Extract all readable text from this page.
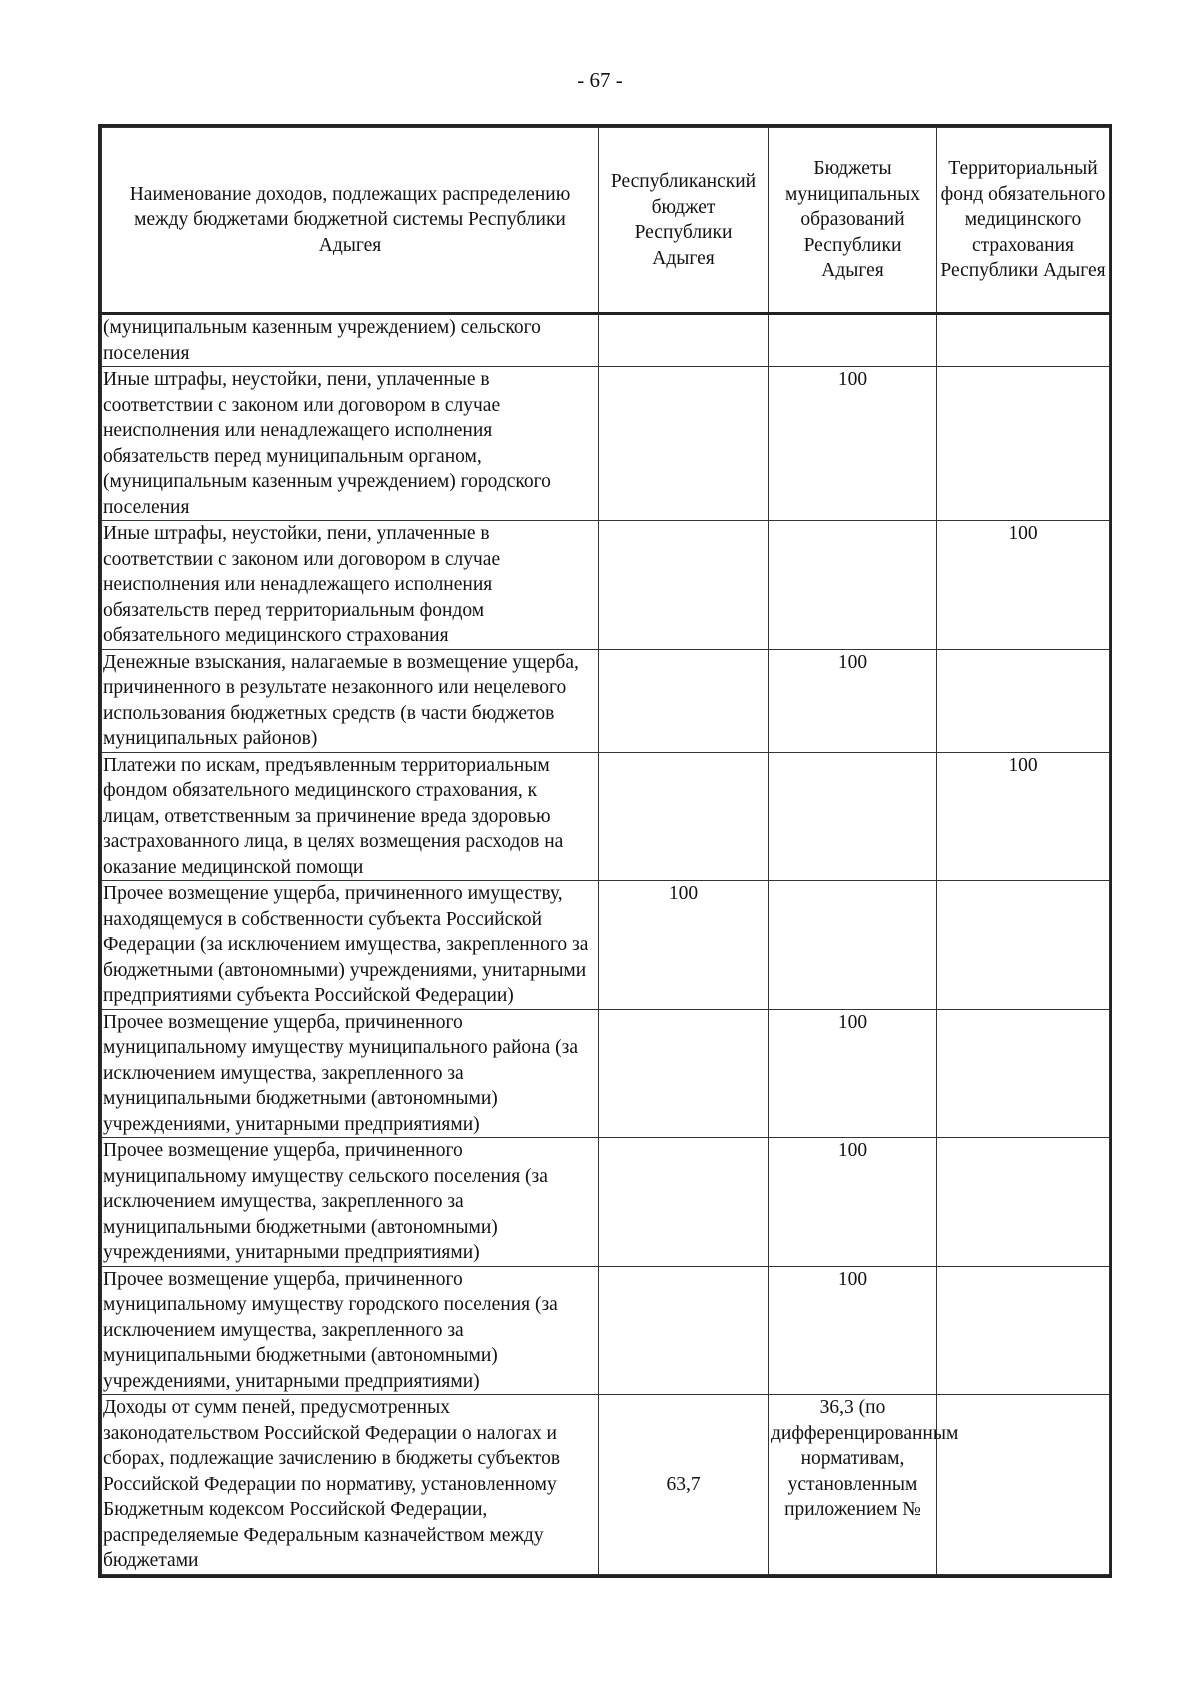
- 67 -
Наименование доходов, подлежащих распределению между бюджетами бюджетной системы Республики Адыгея	Республиканский бюджет Республики Адыгея	Бюджеты муниципальных образований Республики Адыгея	Территориальный фонд обязательного медицинского страхования Республики Адыгея
(муниципальным казенным учреждением) сельского поселения			
Иные штрафы, неустойки, пени, уплаченные в соответствии с законом или договором в случае неисполнения или ненадлежащего исполнения обязательств перед муниципальным органом, (муниципальным казенным учреждением) городского поселения		100	
Иные штрафы, неустойки, пени, уплаченные в соответствии с законом или договором в случае неисполнения или ненадлежащего исполнения обязательств перед территориальным фондом обязательного медицинского страхования			100
Денежные взыскания, налагаемые в возмещение ущерба, причиненного в результате незаконного или нецелевого использования бюджетных средств (в части бюджетов муниципальных районов)		100	
Платежи по искам, предъявленным территориальным фондом обязательного медицинского страхования, к лицам, ответственным за причинение вреда здоровью застрахованного лица, в целях возмещения расходов на оказание медицинской помощи			100
Прочее возмещение ущерба, причиненного имуществу, находящемуся в собственности субъекта Российской Федерации (за исключением имущества, закрепленного за бюджетными (автономными) учреждениями, унитарными предприятиями субъекта Российской Федерации)	100		
Прочее возмещение ущерба, причиненного муниципальному имуществу муниципального района (за исключением имущества, закрепленного за муниципальными бюджетными (автономными) учреждениями, унитарными предприятиями)		100	
Прочее возмещение ущерба, причиненного муниципальному имуществу сельского поселения (за исключением имущества, закрепленного за муниципальными бюджетными (автономными) учреждениями, унитарными предприятиями)		100	
Прочее возмещение ущерба, причиненного муниципальному имуществу городского поселения (за исключением имущества, закрепленного за муниципальными бюджетными (автономными) учреждениями, унитарными предприятиями)		100	
Доходы от сумм пеней, предусмотренных законодательством Российской Федерации о налогах и сборах, подлежащие зачислению в бюджеты субъектов Российской Федерации по нормативу, установленному Бюджетным кодексом Российской Федерации, распределяемые Федеральным казначейством между бюджетами	63,7	36,3 (по дифференцированным нормативам, установленным приложением №	
